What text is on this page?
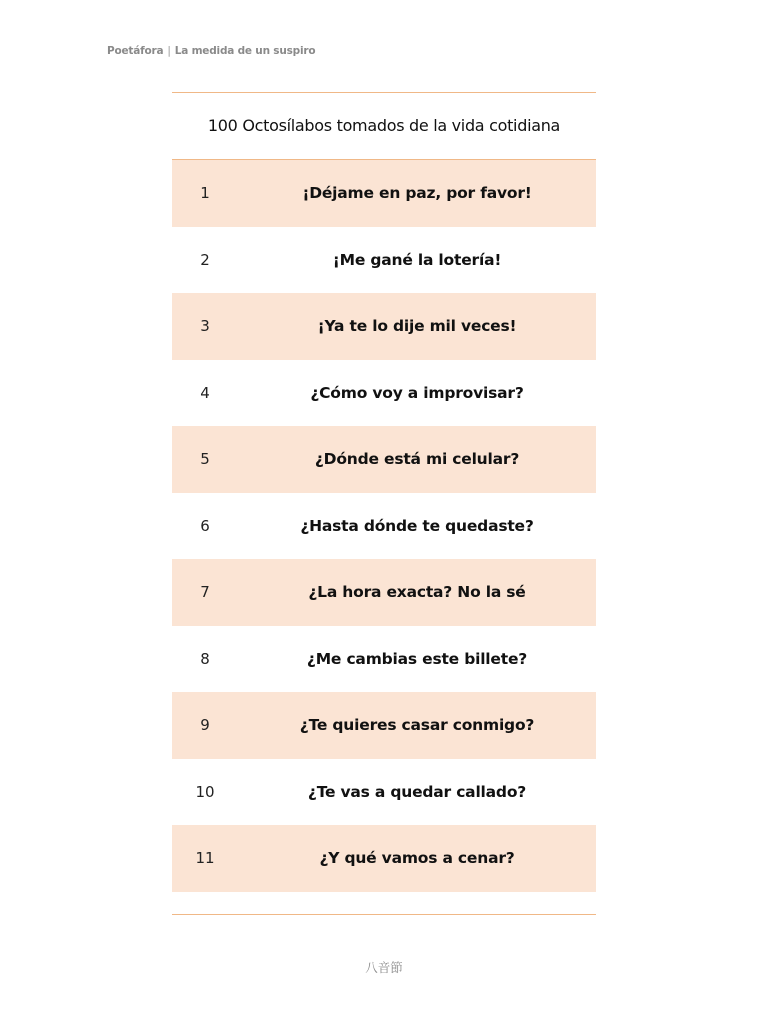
Poetáfora | La medida de un suspiro
100 Octosílabos tomados de la vida cotidiana
1	¡Déjame en paz, por favor!
2	¡Me gané la lotería!
3	¡Ya te lo dije mil veces!
4	¿Cómo voy a improvisar?
5	¿Dónde está mi celular?
6	¿Hasta dónde te quedaste?
7	¿La hora exacta? No la sé
8	¿Me cambias este billete?
9	¿Te quieres casar conmigo?
10	¿Te vas a quedar callado?
11	¿Y qué vamos a cenar?
八音節
